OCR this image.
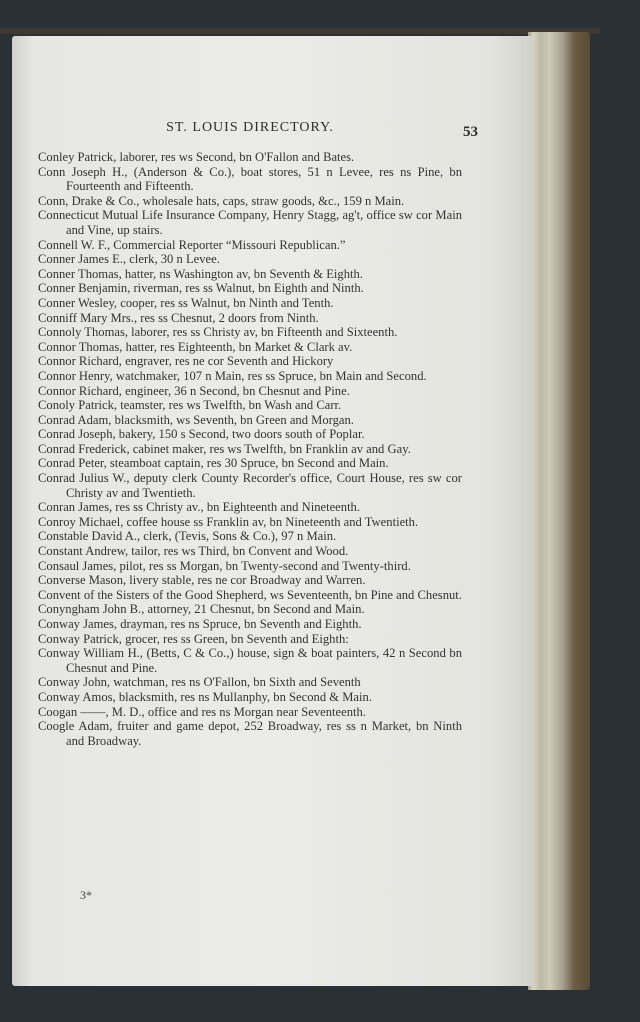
ST. LOUIS DIRECTORY.	53

Conley Patrick, laborer, res ws Second, bn O'Fallon and Bates.

Conn Joseph H., (Anderson & Co.), boat stores, 51 n Levee, res ns Pine, bn Fourteenth and Fifteenth.

Conn, Drake & Co., wholesale hats, caps, straw goods, &c., 159 n Main.

Connecticut Mutual Life Insurance Company, Henry Stagg, ag't, office sw cor Main and Vine, up stairs.

Connell W. F., Commercial Reporter “Missouri Republican.”

Conner James E., clerk, 30 n Levee.

Conner Thomas, hatter, ns Washington av, bn Seventh & Eighth.

Conner Benjamin, riverman, res ss Walnut, bn Eighth and Ninth.

Conner Wesley, cooper, res ss Walnut, bn Ninth and Tenth.

Conniff Mary Mrs., res ss Chesnut, 2 doors from Ninth.

Connoly Thomas, laborer, res ss Christy av, bn Fifteenth and Sixteenth.

Connor Thomas, hatter, res Eighteenth, bn Market & Clark av.

Connor Richard, engraver, res ne cor Seventh and Hickory

Connor Henry, watchmaker, 107 n Main, res ss Spruce, bn Main and Second.

Connor Richard, engineer, 36 n Second, bn Chesnut and Pine.

Conoly Patrick, teamster, res ws Twelfth, bn Wash and Carr.

Conrad Adam, blacksmith, ws Seventh, bn Green and Morgan.

Conrad Joseph, bakery, 150 s Second, two doors south of Poplar.

Conrad Frederick, cabinet maker, res ws Twelfth, bn Franklin av and Gay.

Conrad Peter, steamboat captain, res 30 Spruce, bn Second and Main.

Conrad Julius W., deputy clerk County Recorder's office, Court House, res sw cor Christy av and Twentieth.

Conran James, res ss Christy av., bn Eighteenth and Nineteenth.

Conroy Michael, coffee house ss Franklin av, bn Nineteenth and Twentieth.

Constable David A., clerk, (Tevis, Sons & Co.), 97 n Main.

Constant Andrew, tailor, res ws Third, bn Convent and Wood.

Consaul James, pilot, res ss Morgan, bn Twenty-second and Twenty-third.

Converse Mason, livery stable, res ne cor Broadway and Warren.

Convent of the Sisters of the Good Shepherd, ws Seventeenth, bn Pine and Chesnut.

Conyngham John B., attorney, 21 Chesnut, bn Second and Main.

Conway James, drayman, res ns Spruce, bn Seventh and Eighth.

Conway Patrick, grocer, res ss Green, bn Seventh and Eighth:

Conway William H., (Betts, C & Co.,) house, sign & boat painters, 42 n Second bn Chesnut and Pine.

Conway John, watchman, res ns O'Fallon, bn Sixth and Seventh

Conway Amos, blacksmith, res ns Mullanphy, bn Second & Main.

Coogan ——, M. D., office and res ns Morgan near Seventeenth.

Coogle Adam, fruiter and game depot, 252 Broadway, res ss n Market, bn Ninth and Broadway.

3*
